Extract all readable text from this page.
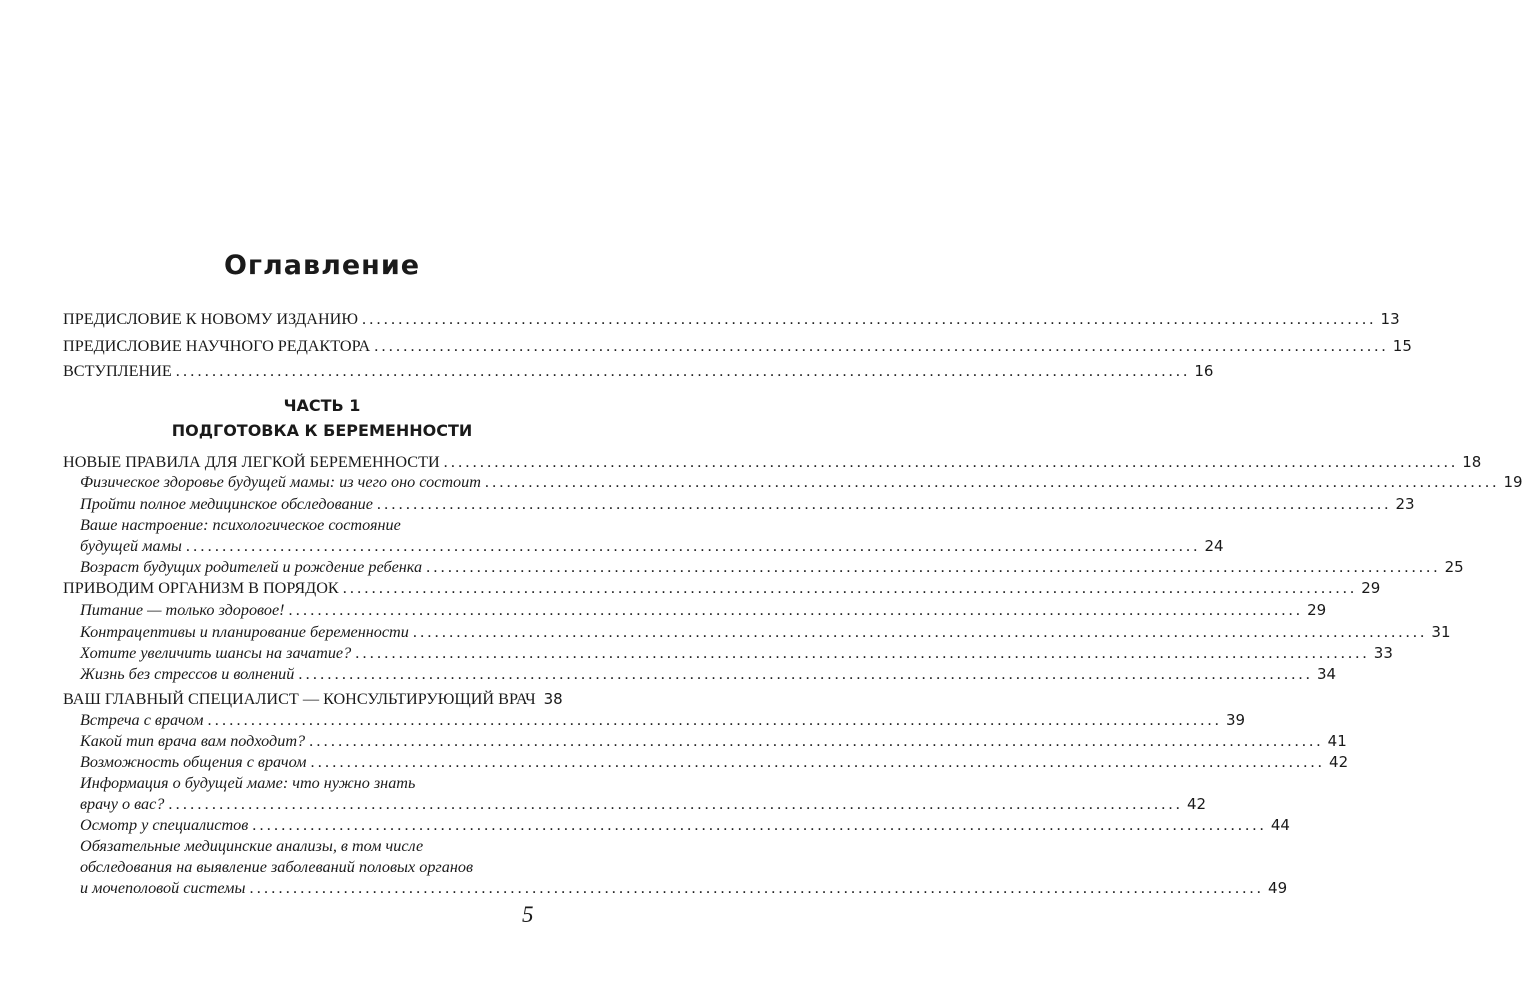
Оглавление
ПРЕДИСЛОВИЕ К НОВОМУ ИЗДАНИЮ ............................................................................................................................................ 13
ПРЕДИСЛОВИЕ НАУЧНОГО РЕДАКТОРА ............................................................................................................................................ 15
ВСТУПЛЕНИЕ ............................................................................................................................................ 16
ЧАСТЬ 1
ПОДГОТОВКА К БЕРЕМЕННОСТИ
НОВЫЕ ПРАВИЛА ДЛЯ ЛЕГКОЙ БЕРЕМЕННОСТИ ............................................................................................................................................ 18
Физическое здоровье будущей мамы: из чего оно состоит ............................................................................................................................................ 19
Пройти полное медицинское обследование ............................................................................................................................................ 23
Ваше настроение: психологическое состояние
будущей мамы ............................................................................................................................................ 24
Возраст будущих родителей и рождение ребенка ............................................................................................................................................ 25
ПРИВОДИМ ОРГАНИЗМ В ПОРЯДОК ............................................................................................................................................ 29
Питание — только здоровое! ............................................................................................................................................ 29
Контрацептивы и планирование беременности ............................................................................................................................................ 31
Хотите увеличить шансы на зачатие? ............................................................................................................................................ 33
Жизнь без стрессов и волнений ............................................................................................................................................ 34
ВАШ ГЛАВНЫЙ СПЕЦИАЛИСТ — КОНСУЛЬТИРУЮЩИЙ ВРАЧ 38
Встреча с врачом ............................................................................................................................................ 39
Какой тип врача вам подходит? ............................................................................................................................................ 41
Возможность общения с врачом ............................................................................................................................................ 42
Информация о будущей маме: что нужно знать
врачу о вас? ............................................................................................................................................ 42
Осмотр у специалистов ............................................................................................................................................ 44
Обязательные медицинские анализы, в том числе
обследования на выявление заболеваний половых органов
и мочеполовой системы ............................................................................................................................................ 49
5
